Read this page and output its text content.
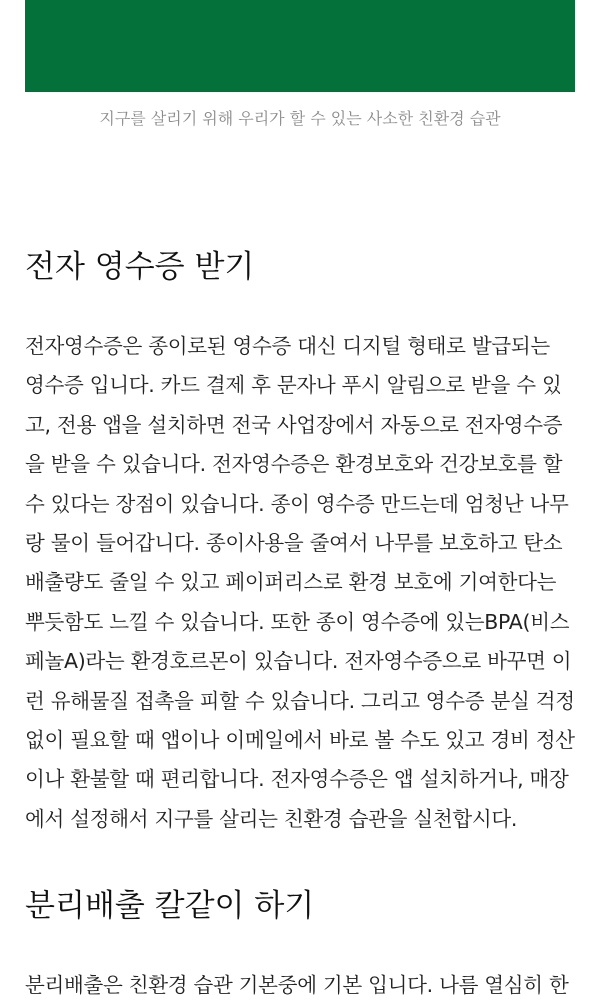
지구를 살리기 위해 우리가 할 수 있는 사소한 친환경 습관
전자 영수증 받기

전자영수증은 종이로된 영수증 대신 디지털 형태로 발급되는 영수증 입니다. 카드 결제 후 문자나 푸시 알림으로 받을 수 있고, 전용 앱을 설치하면 전국 사업장에서 자동으로 전자영수증을 받을 수 있습니다. 전자영수증은 환경보호와 건강보호를 할 수 있다는 장점이 있습니다. 종이 영수증 만드는데 엄청난 나무랑 물이 들어갑니다. 종이사용을 줄여서 나무를 보호하고 탄소 배출량도 줄일 수 있고 페이퍼리스로 환경 보호에 기여한다는 뿌듯함도 느낄 수 있습니다. 또한 종이 영수증에 있는BPA(비스페놀A)라는 환경호르몬이 있습니다. 전자영수증으로 바꾸면 이런 유해물질 접촉을 피할 수 있습니다. 그리고 영수증 분실 걱정 없이 필요할 때 앱이나 이메일에서 바로 볼 수도 있고 경비 정산이나 환불할 때 편리합니다. 전자영수증은 앱 설치하거나, 매장에서 설정해서 지구를 살리는 친환경 습관을 실천합시다.

분리배출 칼같이 하기

분리배출은 친환경 습관 기본중에 기본 입니다. 나름 열심히 한
